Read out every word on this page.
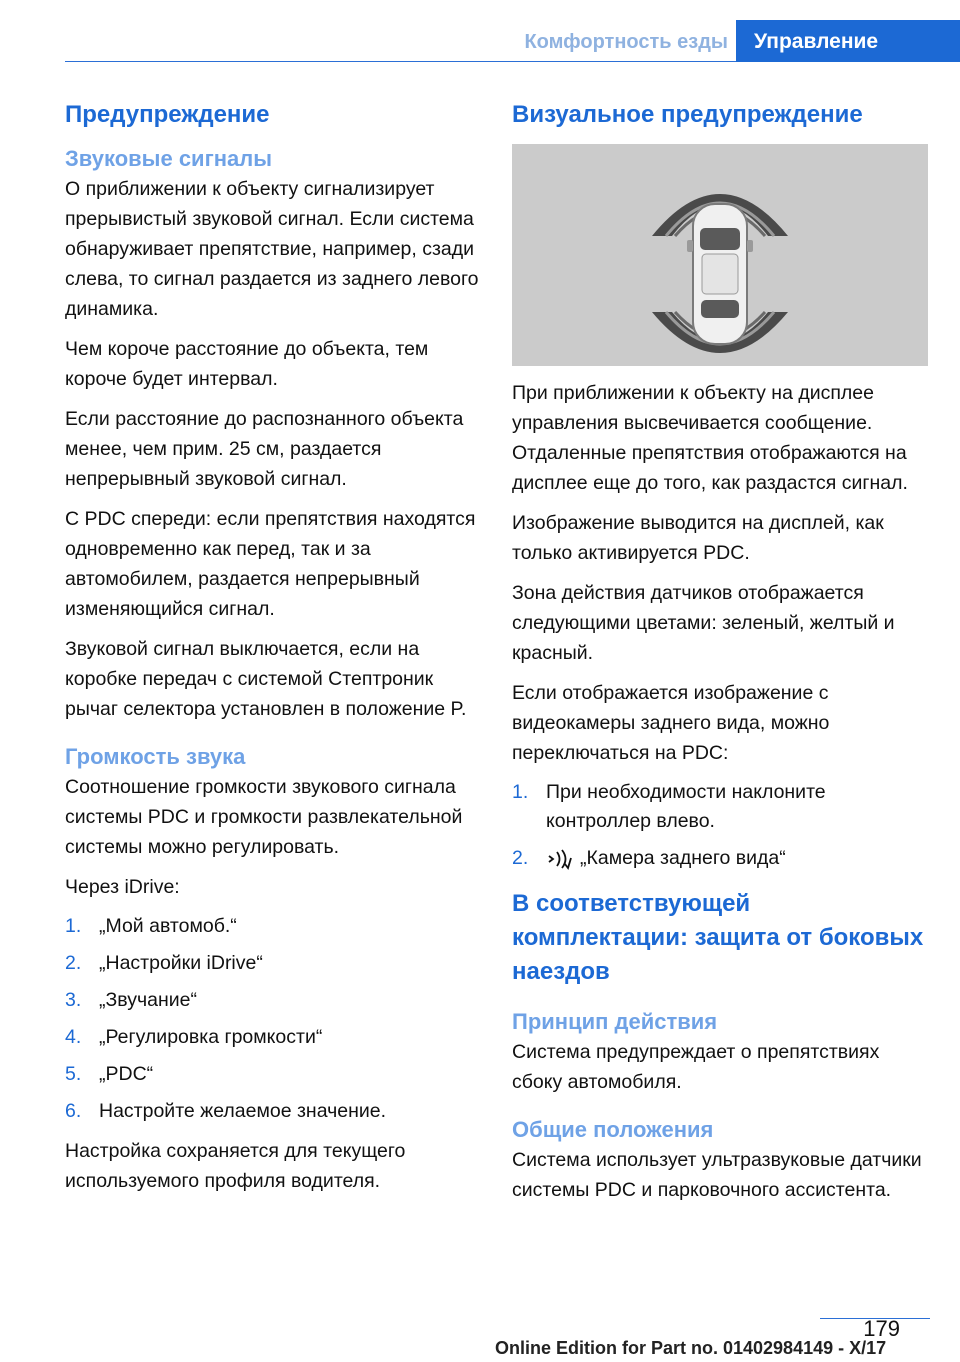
Комфортность езды	Управление
Предупреждение
Звуковые сигналы

О приближении к объекту сигнализирует прерывистый звуковой сигнал. Если система обнаруживает препятствие, например, сзади слева, то сигнал раздается из заднего левого динамика.

Чем короче расстояние до объекта, тем короче будет интервал.

Если расстояние до распознанного объекта менее, чем прим. 25 см, раздается непрерывный звуковой сигнал.

С PDC спереди: если препятствия находятся одновременно как перед, так и за автомобилем, раздается непрерывный изменяющийся сигнал.

Звуковой сигнал выключается, если на коробке передач с системой Стептроник рычаг селектора установлен в положение P.

Громкость звука

Соотношение громкости звукового сигнала системы PDC и громкости развлекательной системы можно регулировать.

Через iDrive:

1. „Мой автомоб.“
2. „Настройки iDrive“
3. „Звучание“
4. „Регулировка громкости“
5. „PDC“
6. Настройте желаемое значение.

Настройка сохраняется для текущего используемого профиля водителя.

Визуальное предупреждение

При приближении к объекту на дисплее управления высвечивается сообщение. Отдаленные препятствия отображаются на дисплее еще до того, как раздастся сигнал.

Изображение выводится на дисплей, как только активируется PDC.

Зона действия датчиков отображается следующими цветами: зеленый, желтый и красный.

Если отображается изображение с видеокамеры заднего вида, можно переключаться на PDC:

1. При необходимости наклоните контроллер влево.
2.	„Камера заднего вида“
В соответствующей комплектации: защита от боковых наездов
Принцип действия

Система предупреждает о препятствиях сбоку автомобиля.

Общие положения

Система использует ультразвуковые датчики системы PDC и парковочного ассистента.

179
Online Edition for Part no. 01402984149 - X/17
